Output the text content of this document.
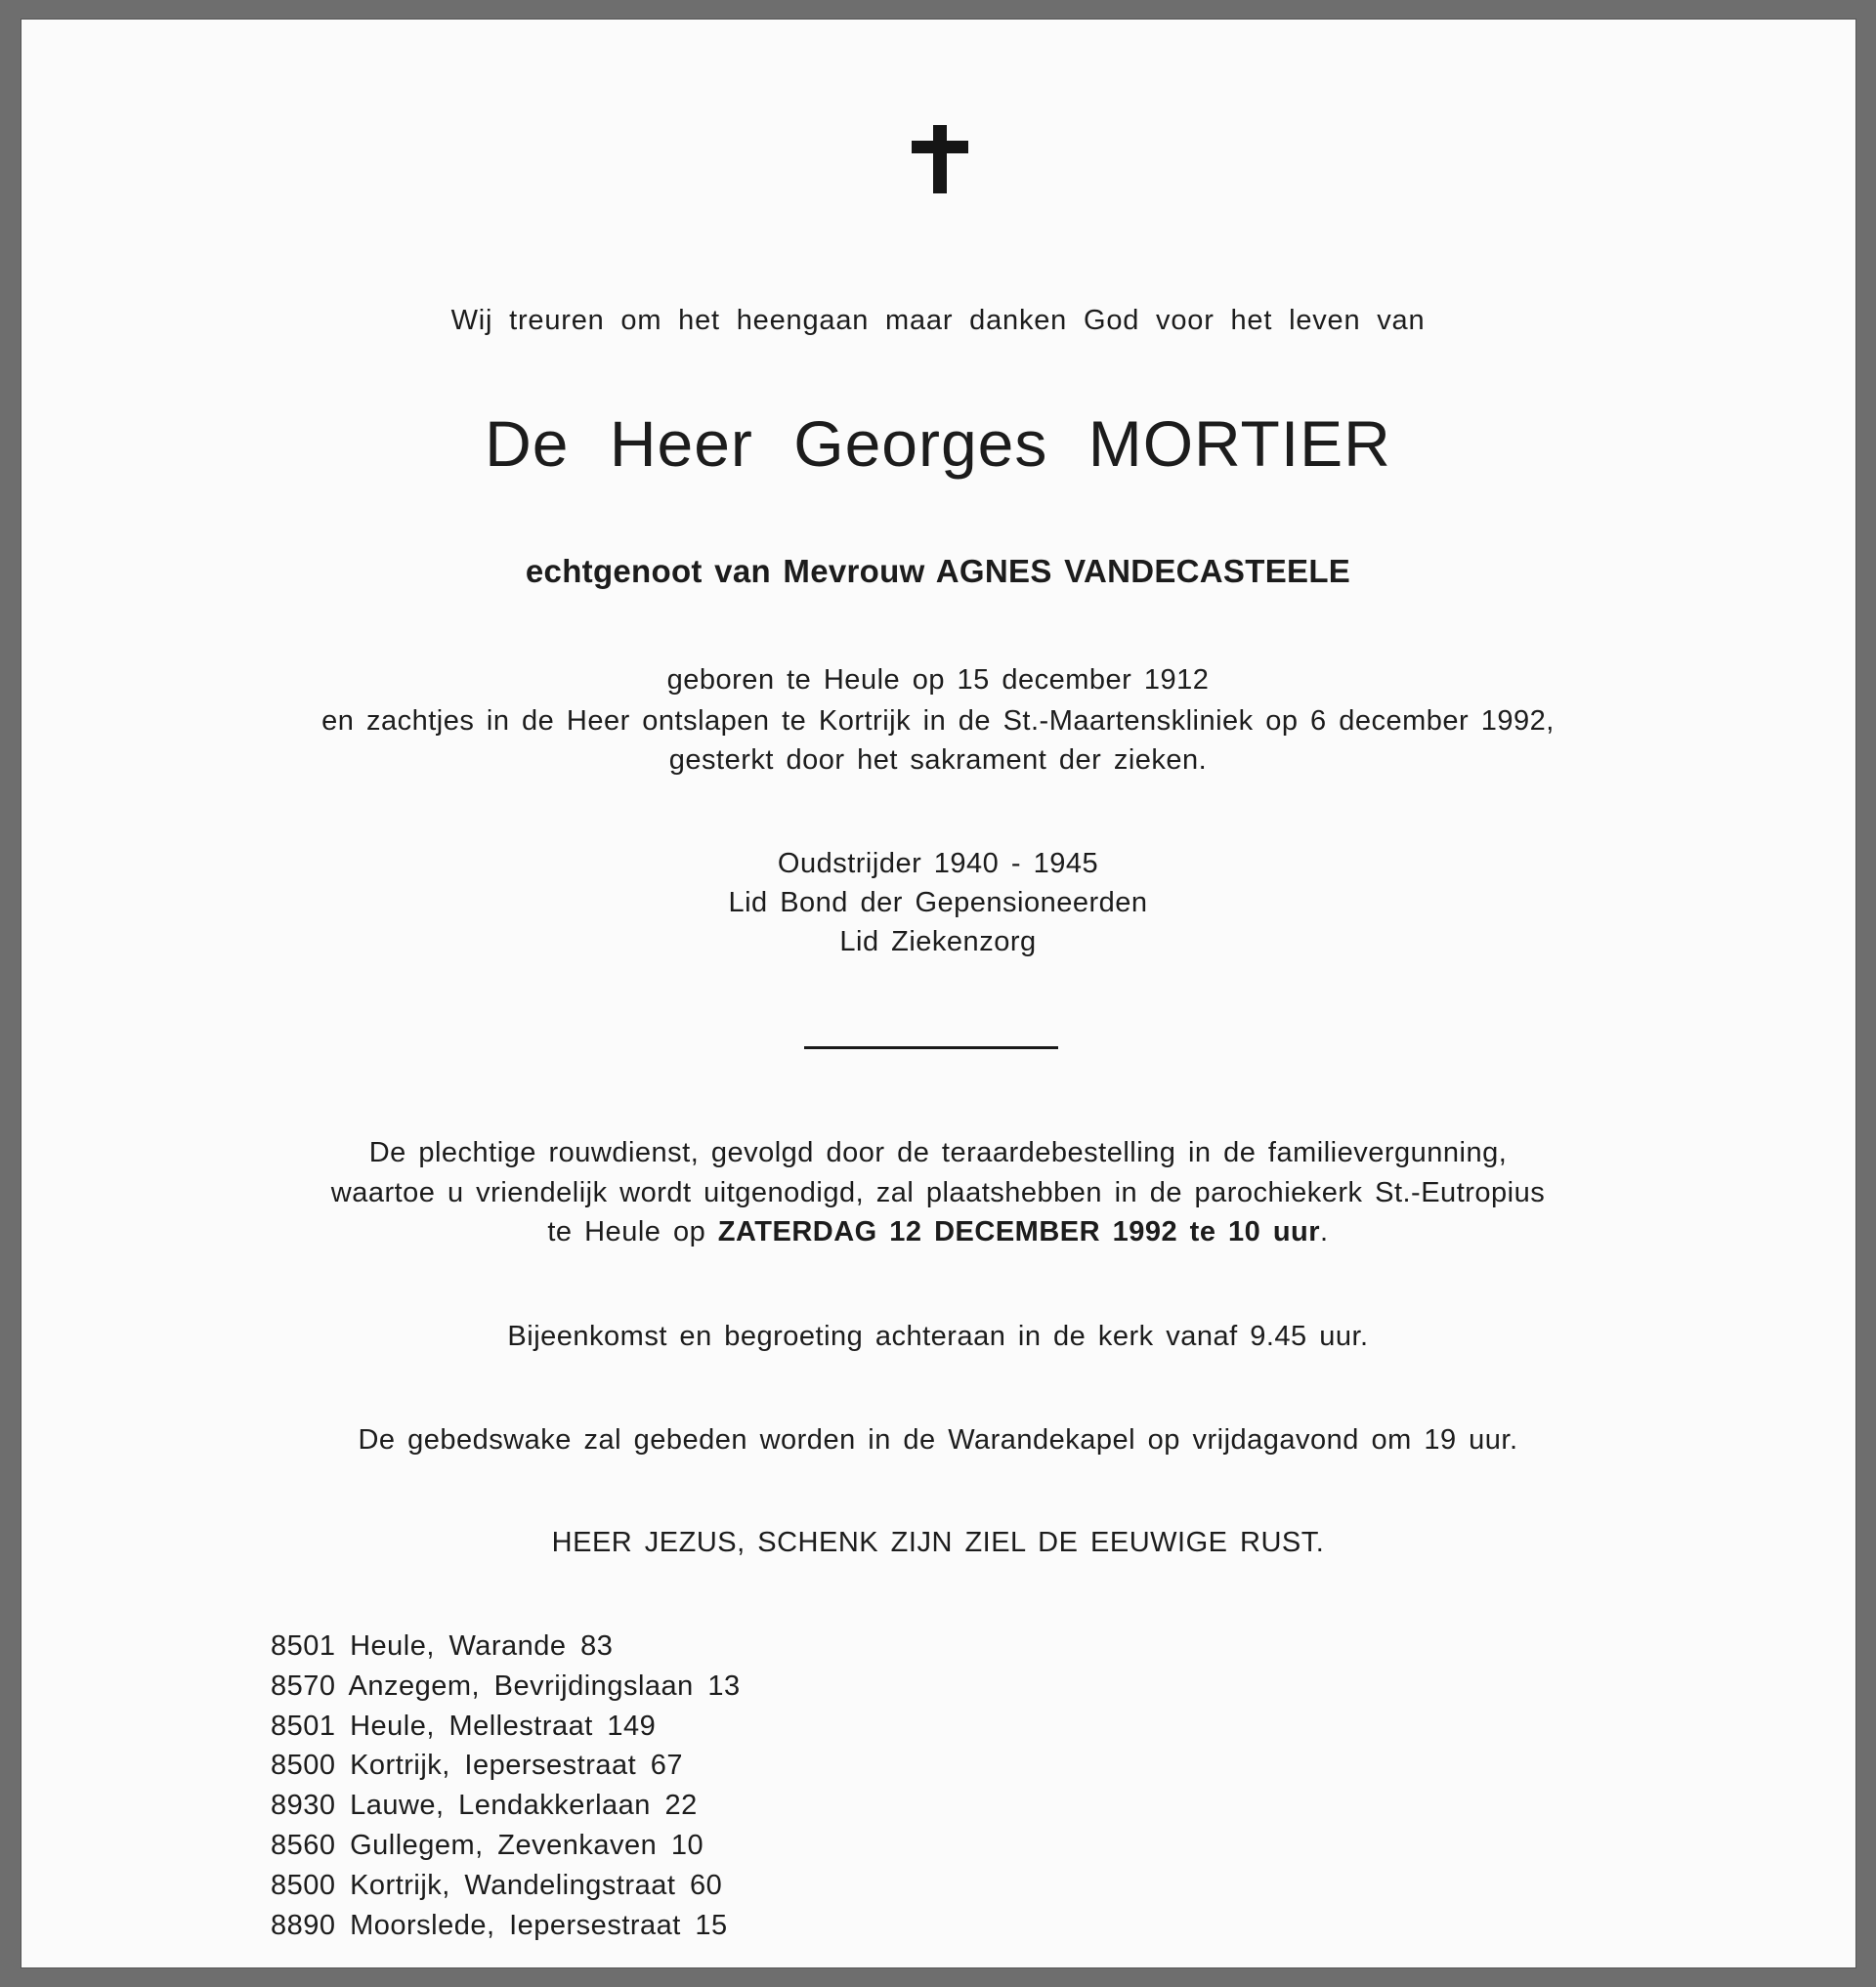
Wij treuren om het heengaan maar danken God voor het leven van
De Heer Georges MORTIER
echtgenoot van Mevrouw AGNES VANDECASTEELE
geboren te Heule op 15 december 1912
en zachtjes in de Heer ontslapen te Kortrijk in de St.-Maartenskliniek op 6 december 1992,
gesterkt door het sakrament der zieken.
Oudstrijder 1940 - 1945
Lid Bond der Gepensioneerden
Lid Ziekenzorg
De plechtige rouwdienst, gevolgd door de teraardebestelling in de familievergunning,
waartoe u vriendelijk wordt uitgenodigd, zal plaatshebben in de parochiekerk St.-Eutropius
te Heule op ZATERDAG 12 DECEMBER 1992 te 10 uur.
Bijeenkomst en begroeting achteraan in de kerk vanaf 9.45 uur.
De gebedswake zal gebeden worden in de Warandekapel op vrijdagavond om 19 uur.
HEER JEZUS, SCHENK ZIJN ZIEL DE EEUWIGE RUST.
8501 Heule, Warande 83
8570 Anzegem, Bevrijdingslaan 13
8501 Heule, Mellestraat 149
8500 Kortrijk, Iepersestraat 67
8930 Lauwe, Lendakkerlaan 22
8560 Gullegem, Zevenkaven 10
8500 Kortrijk, Wandelingstraat 60
8890 Moorslede, Iepersestraat 15
